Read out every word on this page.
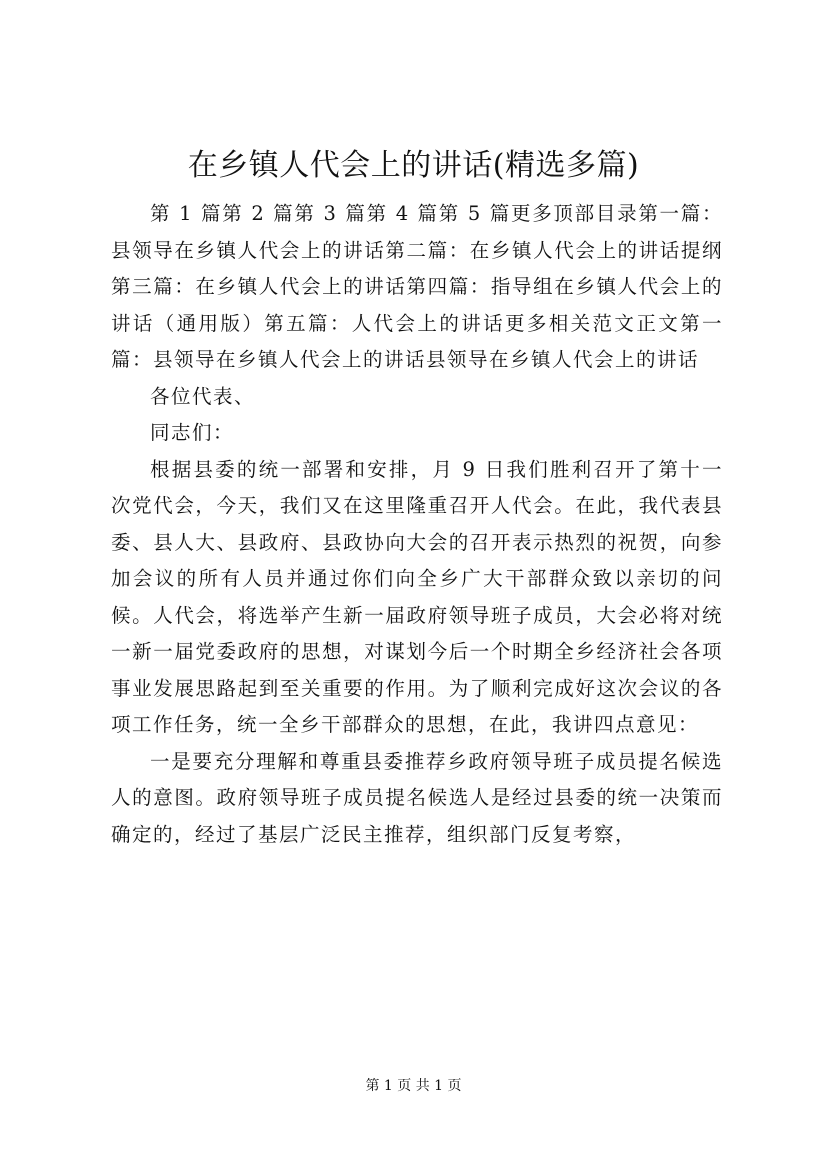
在乡镇人代会上的讲话(精选多篇)

第 1 篇第 2 篇第 3 篇第 4 篇第 5 篇更多顶部目录第一篇：县领导在乡镇人代会上的讲话第二篇：在乡镇人代会上的讲话提纲第三篇：在乡镇人代会上的讲话第四篇：指导组在乡镇人代会上的讲话（通用版）第五篇：人代会上的讲话更多相关范文正文第一篇：县领导在乡镇人代会上的讲话县领导在乡镇人代会上的讲话

各位代表、

同志们：

根据县委的统一部署和安排，月 9 日我们胜利召开了第十一次党代会，今天，我们又在这里隆重召开人代会。在此，我代表县委、县人大、县政府、县政协向大会的召开表示热烈的祝贺，向参加会议的所有人员并通过你们向全乡广大干部群众致以亲切的问候。人代会，将选举产生新一届政府领导班子成员，大会必将对统一新一届党委政府的思想，对谋划今后一个时期全乡经济社会各项事业发展思路起到至关重要的作用。为了顺利完成好这次会议的各项工作任务，统一全乡干部群众的思想，在此，我讲四点意见：

一是要充分理解和尊重县委推荐乡政府领导班子成员提名候选人的意图。政府领导班子成员提名候选人是经过县委的统一决策而确定的，经过了基层广泛民主推荐，组织部门反复考察，

第 1 页 共 1 页
